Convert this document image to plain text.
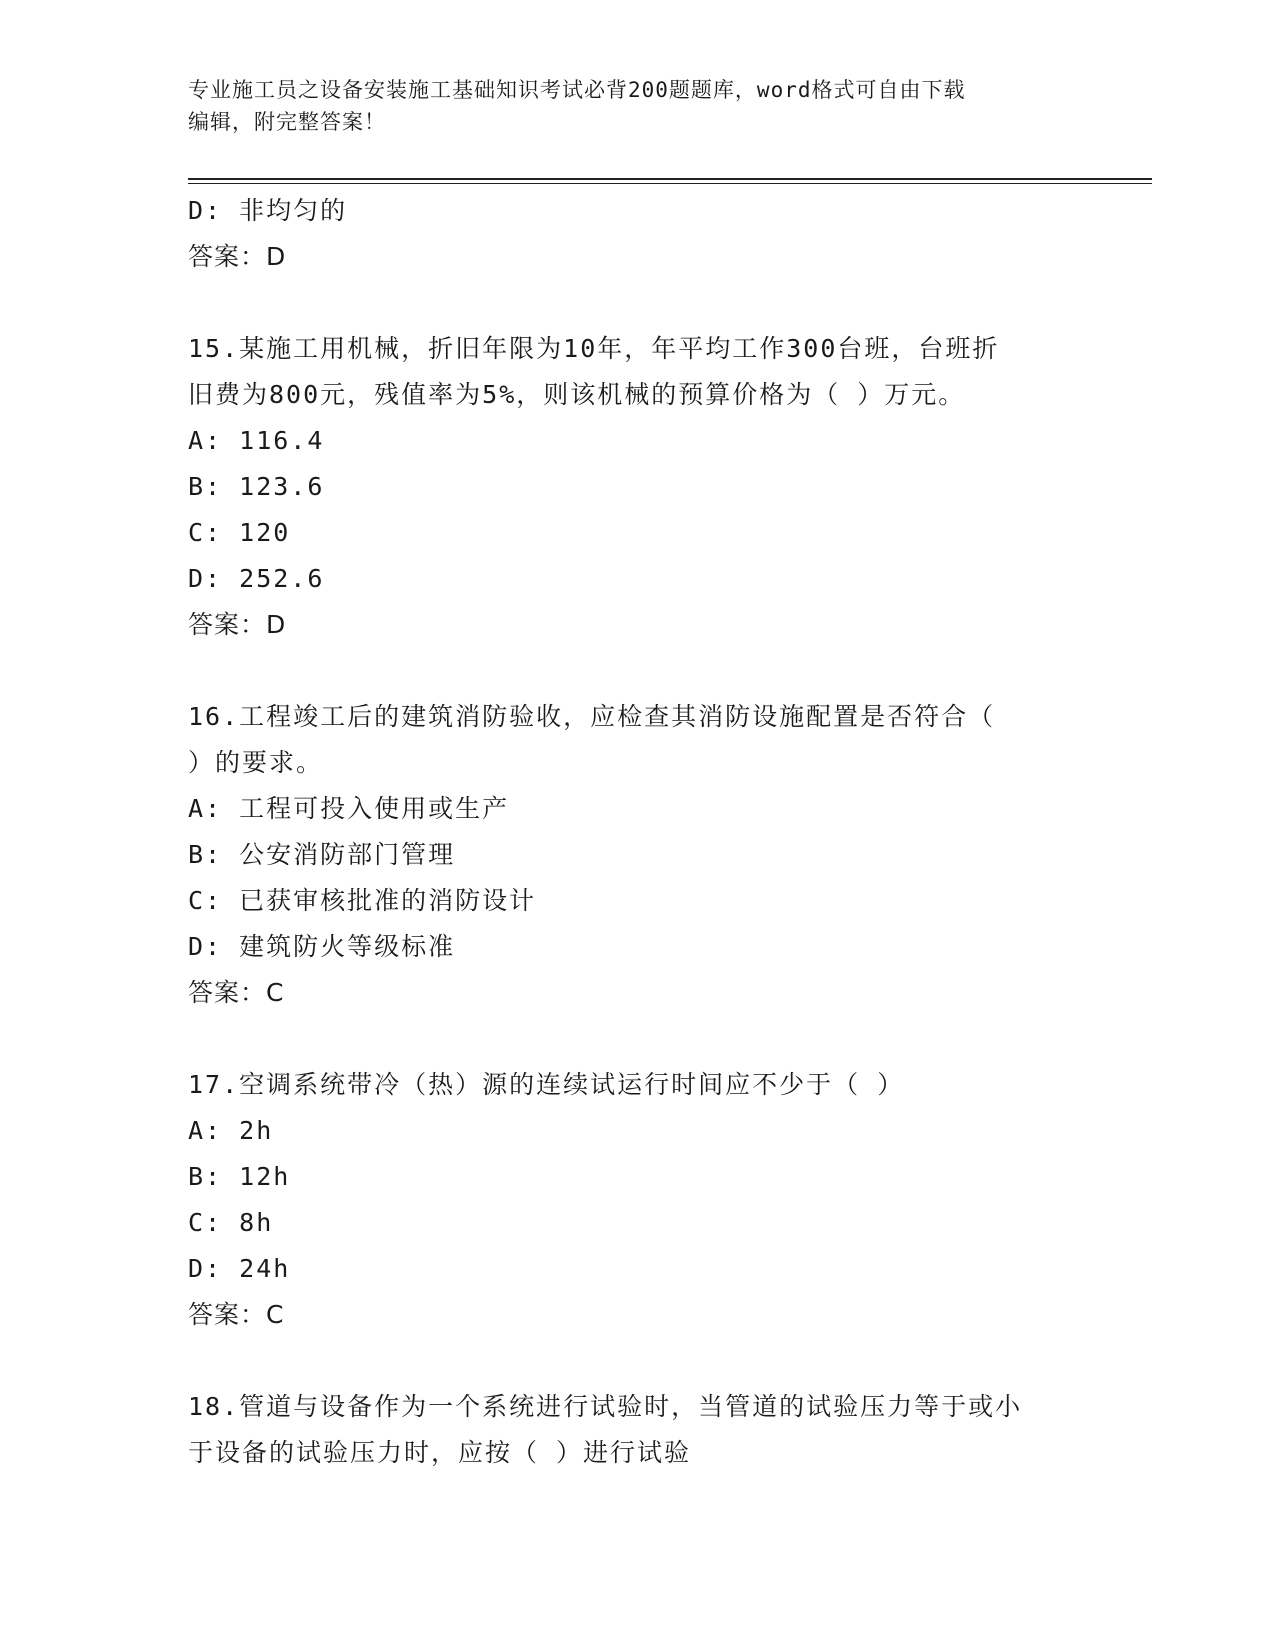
专业施工员之设备安装施工基础知识考试必背200题题库，word格式可自由下载
编辑，附完整答案！
D: 非均匀的
答案：D
15.某施工用机械，折旧年限为10年，年平均工作300台班，台班折
旧费为800元，残值率为5%，则该机械的预算价格为（ ）万元。
A: 116.4
B: 123.6
C: 120
D: 252.6
答案：D
16.工程竣工后的建筑消防验收，应检查其消防设施配置是否符合（
）的要求。
A: 工程可投入使用或生产
B: 公安消防部门管理
C: 已获审核批准的消防设计
D: 建筑防火等级标准
答案：C
17.空调系统带冷（热）源的连续试运行时间应不少于（ ）
A: 2h
B: 12h
C: 8h
D: 24h
答案：C
18.管道与设备作为一个系统进行试验时，当管道的试验压力等于或小
于设备的试验压力时，应按（ ）进行试验
